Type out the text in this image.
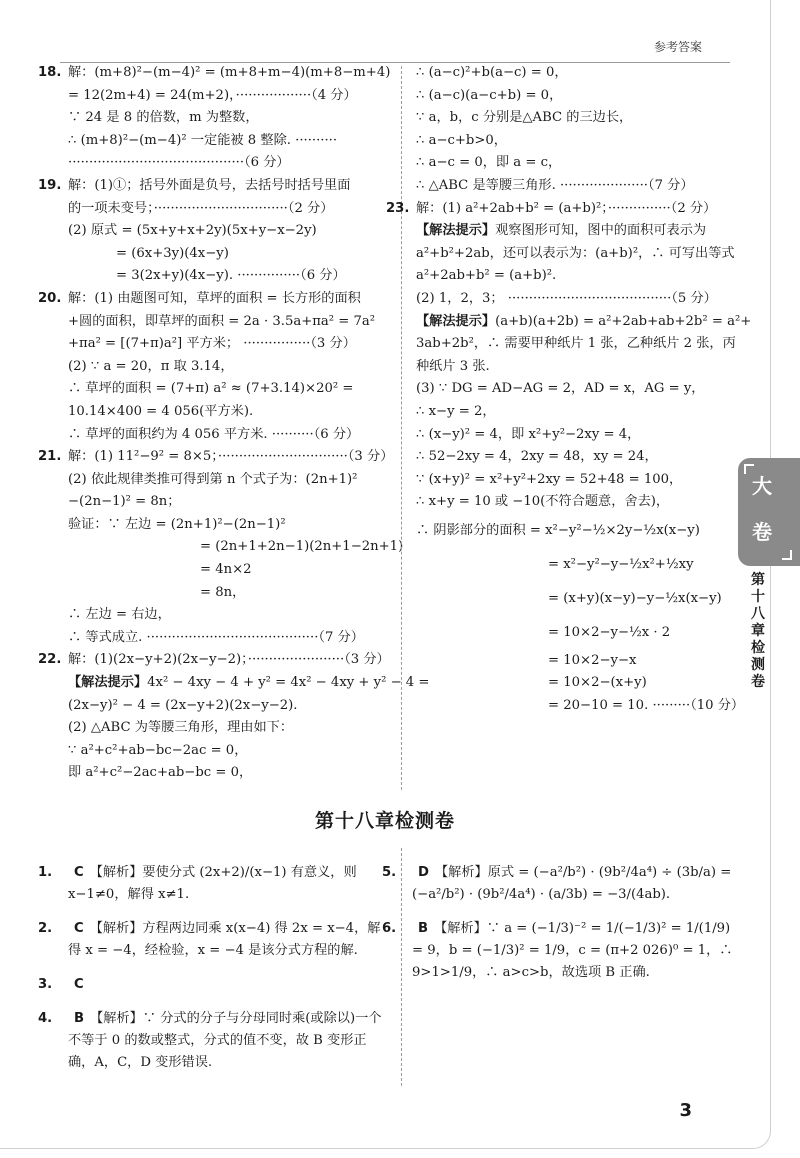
参考答案
18. 解：(m+8)²−(m−4)² = (m+8+m−4)(m+8−m+4)
= 12(2m+4) = 24(m+2)，··················（4 分）
∵ 24 是 8 的倍数，m 为整数，
∴ (m+8)²−(m−4)² 一定能被 8 整除. ··········
··········································（6 分）
19. 解：(1)①；括号外面是负号，去括号时括号里面
的一项未变号；································（2 分）
(2) 原式 = (5x+y+x+2y)(5x+y−x−2y)
= (6x+3y)(4x−y)
= 3(2x+y)(4x−y). ···············（6 分）
20. 解：(1) 由题图可知，草坪的面积 = 长方形的面积
+圆的面积，即草坪的面积 = 2a · 3.5a+πa² = 7a²
+πa² = [(7+π)a²] 平方米； ················（3 分）
(2) ∵ a = 20，π 取 3.14，
∴ 草坪的面积 = (7+π) a² ≈ (7+3.14)×20² =
10.14×400 = 4 056(平方米).
∴ 草坪的面积约为 4 056 平方米. ··········（6 分）
21. 解：(1) 11²−9² = 8×5；·······························（3 分）
(2) 依此规律类推可得到第 n 个式子为：(2n+1)²
−(2n−1)² = 8n；
验证：∵ 左边 = (2n+1)²−(2n−1)²
= (2n+1+2n−1)(2n+1−2n+1)
= 4n×2
= 8n，
∴ 左边 = 右边，
∴ 等式成立. ·········································（7 分）
22. 解：(1)(2x−y+2)(2x−y−2)；·······················（3 分）
【解法提示】4x² − 4xy − 4 + y² = 4x² − 4xy + y² − 4 =
(2x−y)² − 4 = (2x−y+2)(2x−y−2).
(2) △ABC 为等腰三角形，理由如下：
∵ a²+c²+ab−bc−2ac = 0，
即 a²+c²−2ac+ab−bc = 0，
∴ (a−c)²+b(a−c) = 0，
∴ (a−c)(a−c+b) = 0，
∵ a，b，c 分别是△ABC 的三边长，
∴ a−c+b>0，
∴ a−c = 0，即 a = c，
∴ △ABC 是等腰三角形. ·····················（7 分）
23. 解：(1) a²+2ab+b² = (a+b)²；···············（2 分）
【解法提示】观察图形可知，图中的面积可表示为
a²+b²+2ab，还可以表示为：(a+b)²，∴ 可写出等式
a²+2ab+b² = (a+b)².
(2) 1，2，3； ·······································（5 分）
【解法提示】(a+b)(a+2b) = a²+2ab+ab+2b² = a²+
3ab+2b²，∴ 需要甲种纸片 1 张，乙种纸片 2 张，丙
种纸片 3 张.
(3) ∵ DG = AD−AG = 2，AD = x，AG = y，
∴ x−y = 2，
∴ (x−y)² = 4，即 x²+y²−2xy = 4，
∴ 52−2xy = 4，2xy = 48，xy = 24，
∵ (x+y)² = x²+y²+2xy = 52+48 = 100，
∴ x+y = 10 或 −10(不符合题意，舍去)，
∴ 阴影部分的面积 = x²−y²−½×2y−½x(x−y)
= x²−y²−y−½x²+½xy
= (x+y)(x−y)−y−½x(x−y)
= 10×2−y−½x · 2
= 10×2−y−x
= 10×2−(x+y)
= 20−10 = 10. ·········（10 分）
第十八章检测卷
1. C 【解析】要使分式 (2x+2)/(x−1) 有意义，则 x−1≠0，解得 x≠1.
2. C 【解析】方程两边同乘 x(x−4) 得 2x = x−4，解得 x = −4，经检验，x = −4 是该分式方程的解.
3. C
4. B 【解析】∵ 分式的分子与分母同时乘(或除以)一个不等于 0 的数或整式，分式的值不变，故 B 变形正确，A，C，D 变形错误.
5. D 【解析】原式 = (−a²/b²) · (9b²/4a⁴) ÷ (3b/a) = (−a²/b²) · (9b²/4a⁴) · (a/3b) = −3/(4ab).
6. B 【解析】∵ a = (−1/3)⁻² = 1/(−1/3)² = 1/(1/9) = 9，b = (−1/3)² = 1/9，c = (π+2 026)⁰ = 1，∴ 9>1>1/9，∴ a>c>b，故选项 B 正确.
3
大
卷
第
十
八
章
检
测
卷
